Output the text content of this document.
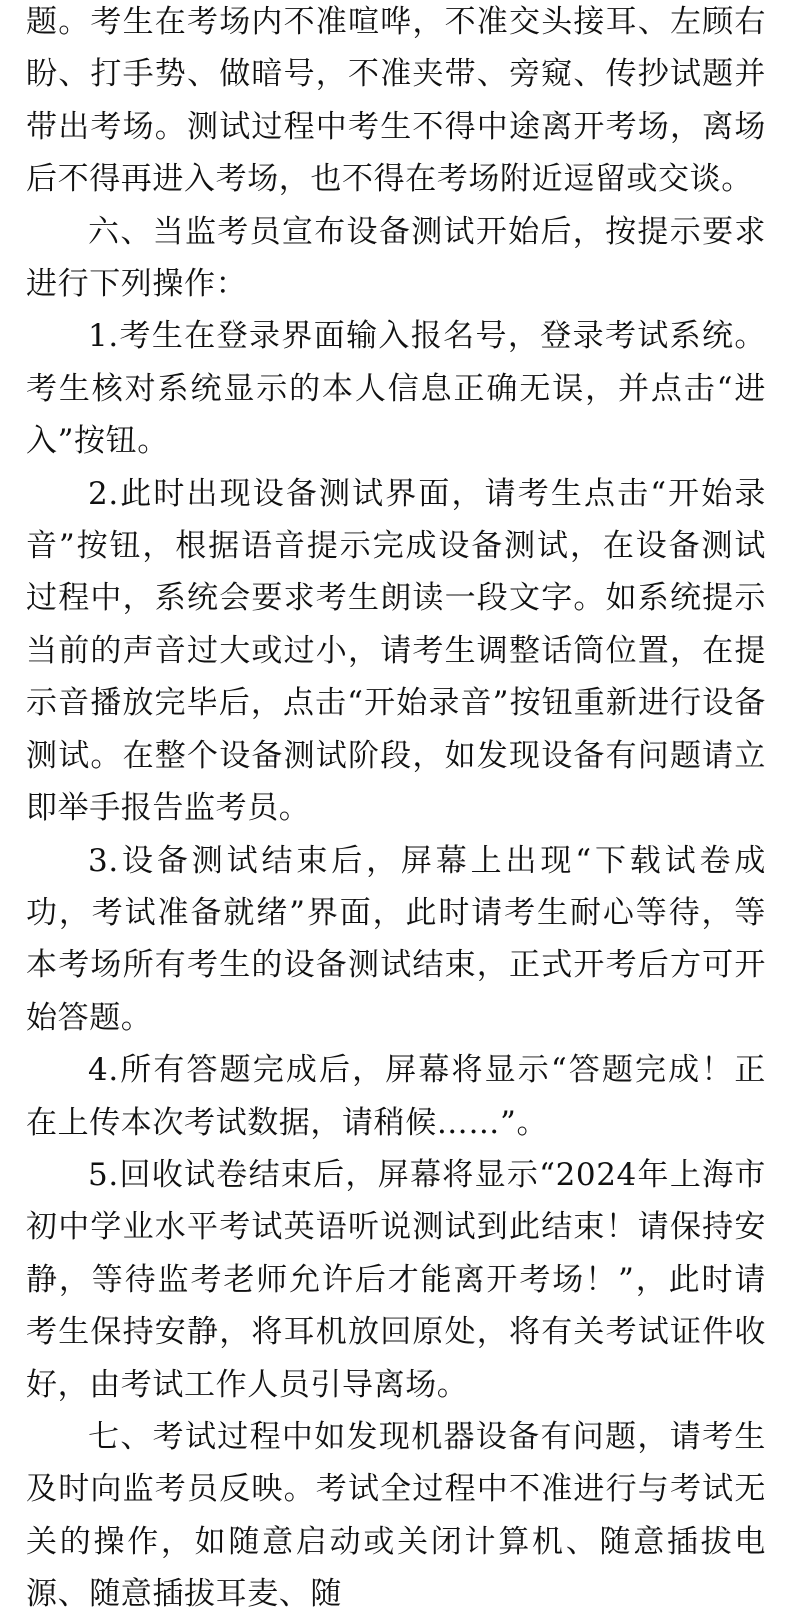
题。考生在考场内不准喧哗，不准交头接耳、左顾右盼、打手势、做暗号，不准夹带、旁窥、传抄试题并带出考场。测试过程中考生不得中途离开考场，离场后不得再进入考场，也不得在考场附近逗留或交谈。

六、当监考员宣布设备测试开始后，按提示要求进行下列操作：

1.考生在登录界面输入报名号，登录考试系统。考生核对系统显示的本人信息正确无误，并点击“进入”按钮。

2.此时出现设备测试界面，请考生点击“开始录音”按钮，根据语音提示完成设备测试，在设备测试过程中，系统会要求考生朗读一段文字。如系统提示当前的声音过大或过小，请考生调整话筒位置，在提示音播放完毕后，点击“开始录音”按钮重新进行设备测试。在整个设备测试阶段，如发现设备有问题请立即举手报告监考员。

3.设备测试结束后，屏幕上出现“下载试卷成功，考试准备就绪”界面，此时请考生耐心等待，等本考场所有考生的设备测试结束，正式开考后方可开始答题。

4.所有答题完成后，屏幕将显示“答题完成！正在上传本次考试数据，请稍候……”。

5.回收试卷结束后，屏幕将显示“2024年上海市初中学业水平考试英语听说测试到此结束！请保持安静，等待监考老师允许后才能离开考场！”，此时请考生保持安静，将耳机放回原处，将有关考试证件收好，由考试工作人员引导离场。

七、考试过程中如发现机器设备有问题，请考生及时向监考员反映。考试全过程中不准进行与考试无关的操作，如随意启动或关闭计算机、随意插拔电源、随意插拔耳麦、随
